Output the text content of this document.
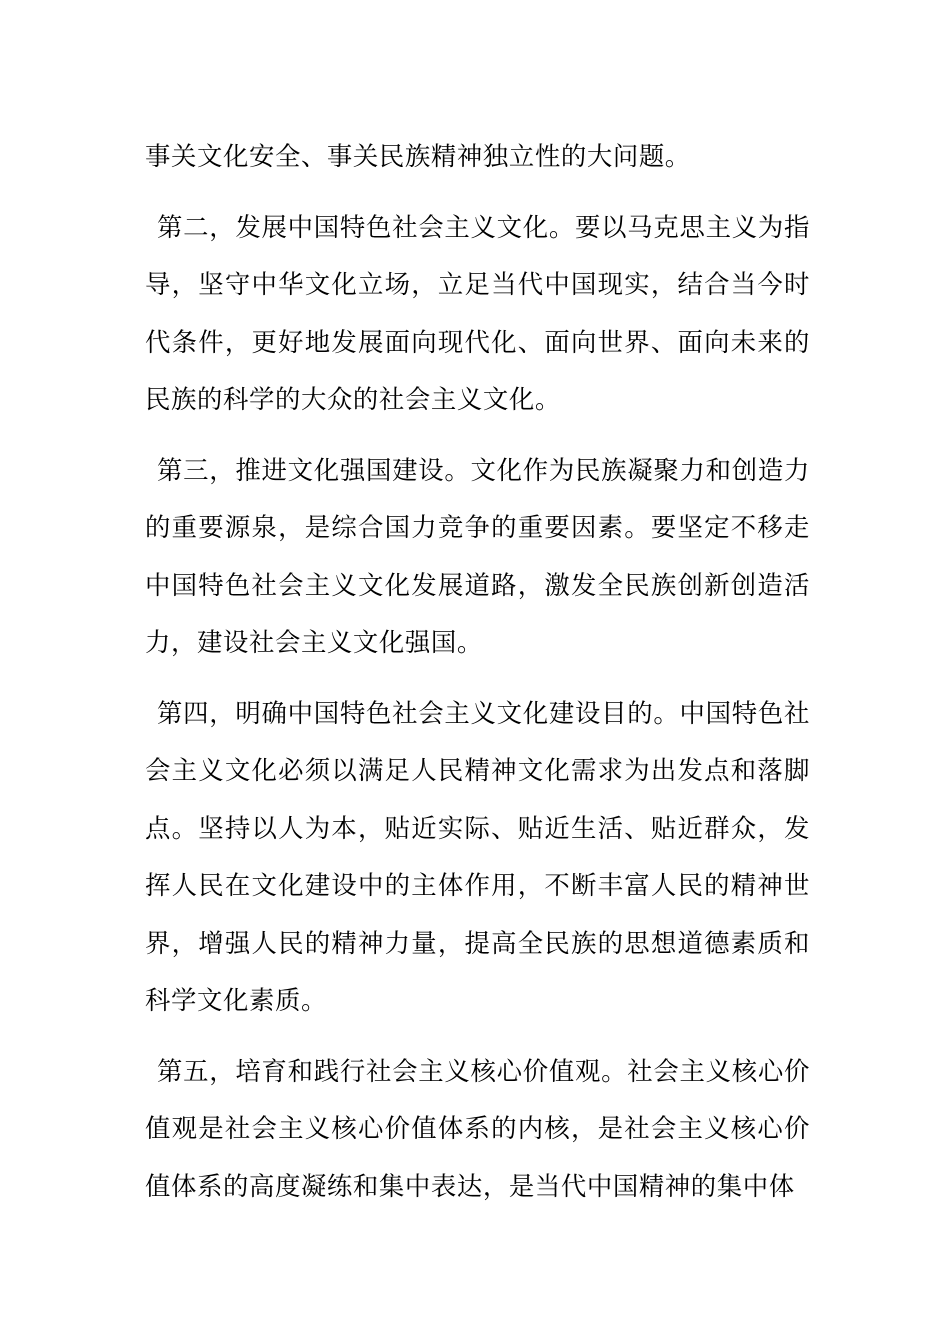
事关文化安全、事关民族精神独立性的大问题。

第二，发展中国特色社会主义文化。要以马克思主义为指导，坚守中华文化立场，立足当代中国现实，结合当今时代条件，更好地发展面向现代化、面向世界、面向未来的民族的科学的大众的社会主义文化。

第三，推进文化强国建设。文化作为民族凝聚力和创造力的重要源泉，是综合国力竞争的重要因素。要坚定不移走中国特色社会主义文化发展道路，激发全民族创新创造活力，建设社会主义文化强国。

第四，明确中国特色社会主义文化建设目的。中国特色社会主义文化必须以满足人民精神文化需求为出发点和落脚点。坚持以人为本，贴近实际、贴近生活、贴近群众，发挥人民在文化建设中的主体作用，不断丰富人民的精神世界，增强人民的精神力量，提高全民族的思想道德素质和科学文化素质。

第五，培育和践行社会主义核心价值观。社会主义核心价值观是社会主义核心价值体系的内核，是社会主义核心价值体系的高度凝练和集中表达，是当代中国精神的集中体
